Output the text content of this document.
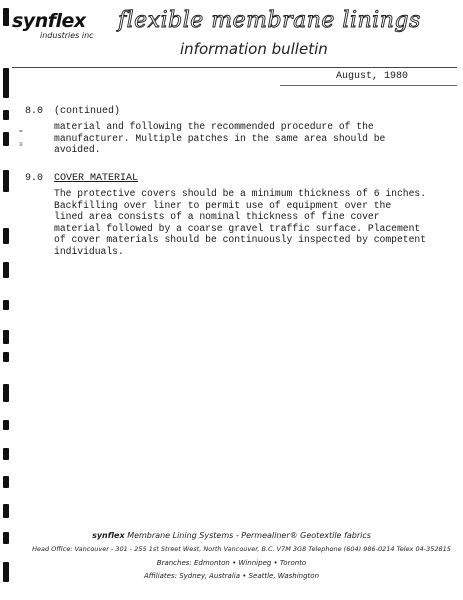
synflex
industries inc
flexible membrane linings
information bulletin
August, 1980
8.0 (continued)
=
≡
material and following the recommended procedure of the
manufacturer. Multiple patches in the same area should be
avoided.
9.0 COVER MATERIAL
The protective covers should be a minimum thickness of 6 inches.
Backfilling over liner to permit use of equipment over the
lined area consists of a nominal thickness of fine cover
material followed by a coarse gravel traffic surface. Placement
of cover materials should be continuously inspected by competent
individuals.
synflex Membrane Lining Systems - Permealiner® Geotextile fabrics
Head Office: Vancouver - 301 - 255 1st Street West, North Vancouver, B.C. V7M 3G8 Telephone (604) 986-0214 Telex 04-352815
Branches: Edmonton • Winnipeg • Toronto
Affiliates: Sydney, Australia • Seattle, Washington
